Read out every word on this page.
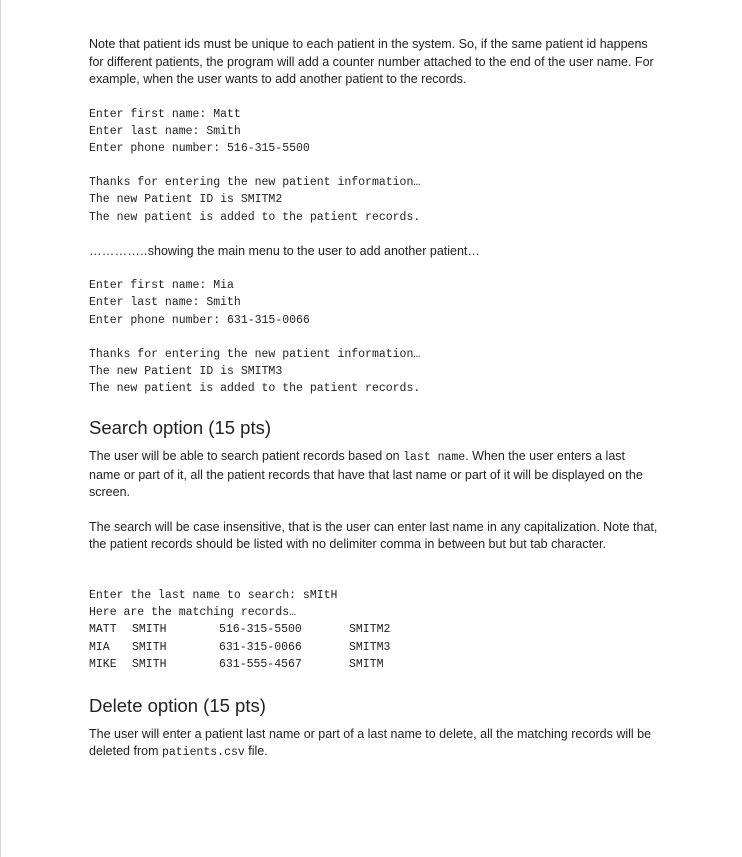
Note that patient ids must be unique to each patient in the system. So, if the same patient id happens for different patients, the program will add a counter number attached to the end of the user name. For example, when the user wants to add another patient to the records.

Enter first name: Matt
Enter last name: Smith
Enter phone number: 516-315-5500
Thanks for entering the new patient information…
The new Patient ID is SMITM2
The new patient is added to the patient records.

…………..showing the main menu to the user to add another patient…

Enter first name: Mia
Enter last name: Smith
Enter phone number: 631-315-0066
Thanks for entering the new patient information…
The new Patient ID is SMITM3
The new patient is added to the patient records.
Search option (15 pts)

The user will be able to search patient records based on last name. When the user enters a last name or part of it, all the patient records that have that last name or part of it will be displayed on the screen.

The search will be case insensitive, that is the user can enter last name in any capitalization. Note that, the patient records should be listed with no delimiter comma in between but but tab character.

Enter the last name to search: sMItH
Here are the matching records…
MATT	SMITH	516-315-5500	SMITM2
MIA	SMITH	631-315-0066	SMITM3
MIKE	SMITH	631-555-4567	SMITM
Delete option (15 pts)

The user will enter a patient last name or part of a last name to delete, all the matching records will be deleted from patients.csv file.
